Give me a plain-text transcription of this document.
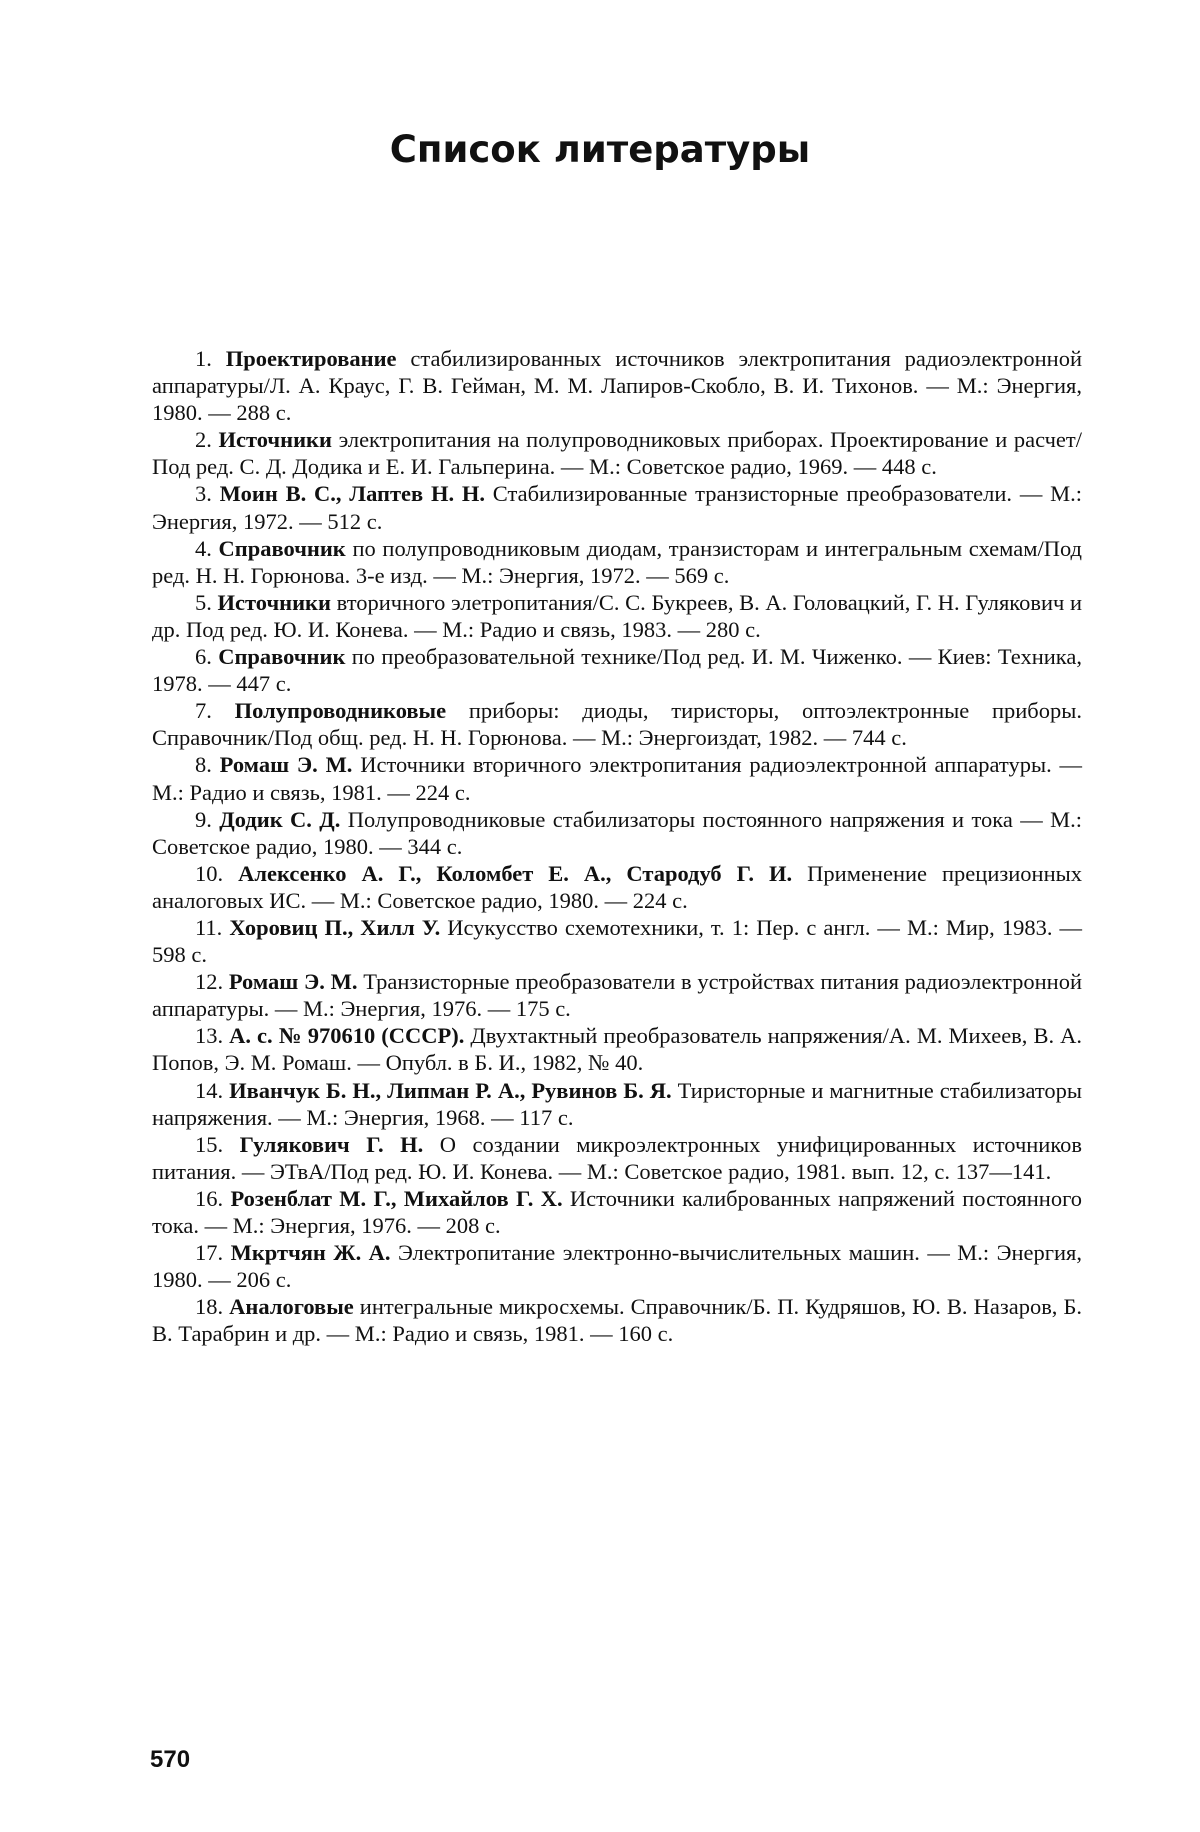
Список литературы
1. Проектирование стабилизированных источников электропитания радиоэлектронной аппаратуры/Л. А. Краус, Г. В. Гейман, М. М. Лапиров-Скобло, В. И. Тихонов. — М.: Энергия, 1980. — 288 с.
2. Источники электропитания на полупроводниковых приборах. Проектирование и расчет/Под ред. С. Д. Додика и Е. И. Гальперина. — М.: Советское радио, 1969. — 448 с.
3. Моин В. С., Лаптев Н. Н. Стабилизированные транзисторные преобразователи. — М.: Энергия, 1972. — 512 с.
4. Справочник по полупроводниковым диодам, транзисторам и интегральным схемам/Под ред. Н. Н. Горюнова. 3-е изд. — М.: Энергия, 1972. — 569 с.
5. Источники вторичного элетропитания/С. С. Букреев, В. А. Головацкий, Г. Н. Гулякович и др. Под ред. Ю. И. Конева. — М.: Радио и связь, 1983. — 280 с.
6. Справочник по преобразовательной технике/Под ред. И. М. Чиженко. — Киев: Техника, 1978. — 447 с.
7. Полупроводниковые приборы: диоды, тиристоры, оптоэлектронные приборы. Справочник/Под общ. ред. Н. Н. Горюнова. — М.: Энергоиздат, 1982. — 744 с.
8. Ромаш Э. М. Источники вторичного электропитания радиоэлектронной аппаратуры. — М.: Радио и связь, 1981. — 224 с.
9. Додик С. Д. Полупроводниковые стабилизаторы постоянного напряжения и тока — М.: Советское радио, 1980. — 344 с.
10. Алексенко А. Г., Коломбет Е. А., Стародуб Г. И. Применение прецизионных аналоговых ИС. — М.: Советское радио, 1980. — 224 с.
11. Хоровиц П., Хилл У. Исукусство схемотехники, т. 1: Пер. с англ. — М.: Мир, 1983. — 598 с.
12. Ромаш Э. М. Транзисторные преобразователи в устройствах питания радиоэлектронной аппаратуры. — М.: Энергия, 1976. — 175 с.
13. А. с. № 970610 (СССР). Двухтактный преобразователь напряжения/А. М. Михеев, В. А. Попов, Э. М. Ромаш. — Опубл. в Б. И., 1982, № 40.
14. Иванчук Б. Н., Липман Р. А., Рувинов Б. Я. Тиристорные и магнитные стабилизаторы напряжения. — М.: Энергия, 1968. — 117 с.
15. Гулякович Г. Н. О создании микроэлектронных унифицированных источников питания. — ЭТвА/Под ред. Ю. И. Конева. — М.: Советское радио, 1981. вып. 12, с. 137—141.
16. Розенблат М. Г., Михайлов Г. Х. Источники калиброванных напряжений постоянного тока. — М.: Энергия, 1976. — 208 с.
17. Мкртчян Ж. А. Электропитание электронно-вычислительных машин. — М.: Энергия, 1980. — 206 с.
18. Аналоговые интегральные микросхемы. Справочник/Б. П. Кудряшов, Ю. В. Назаров, Б. В. Тарабрин и др. — М.: Радио и связь, 1981. — 160 с.

570
